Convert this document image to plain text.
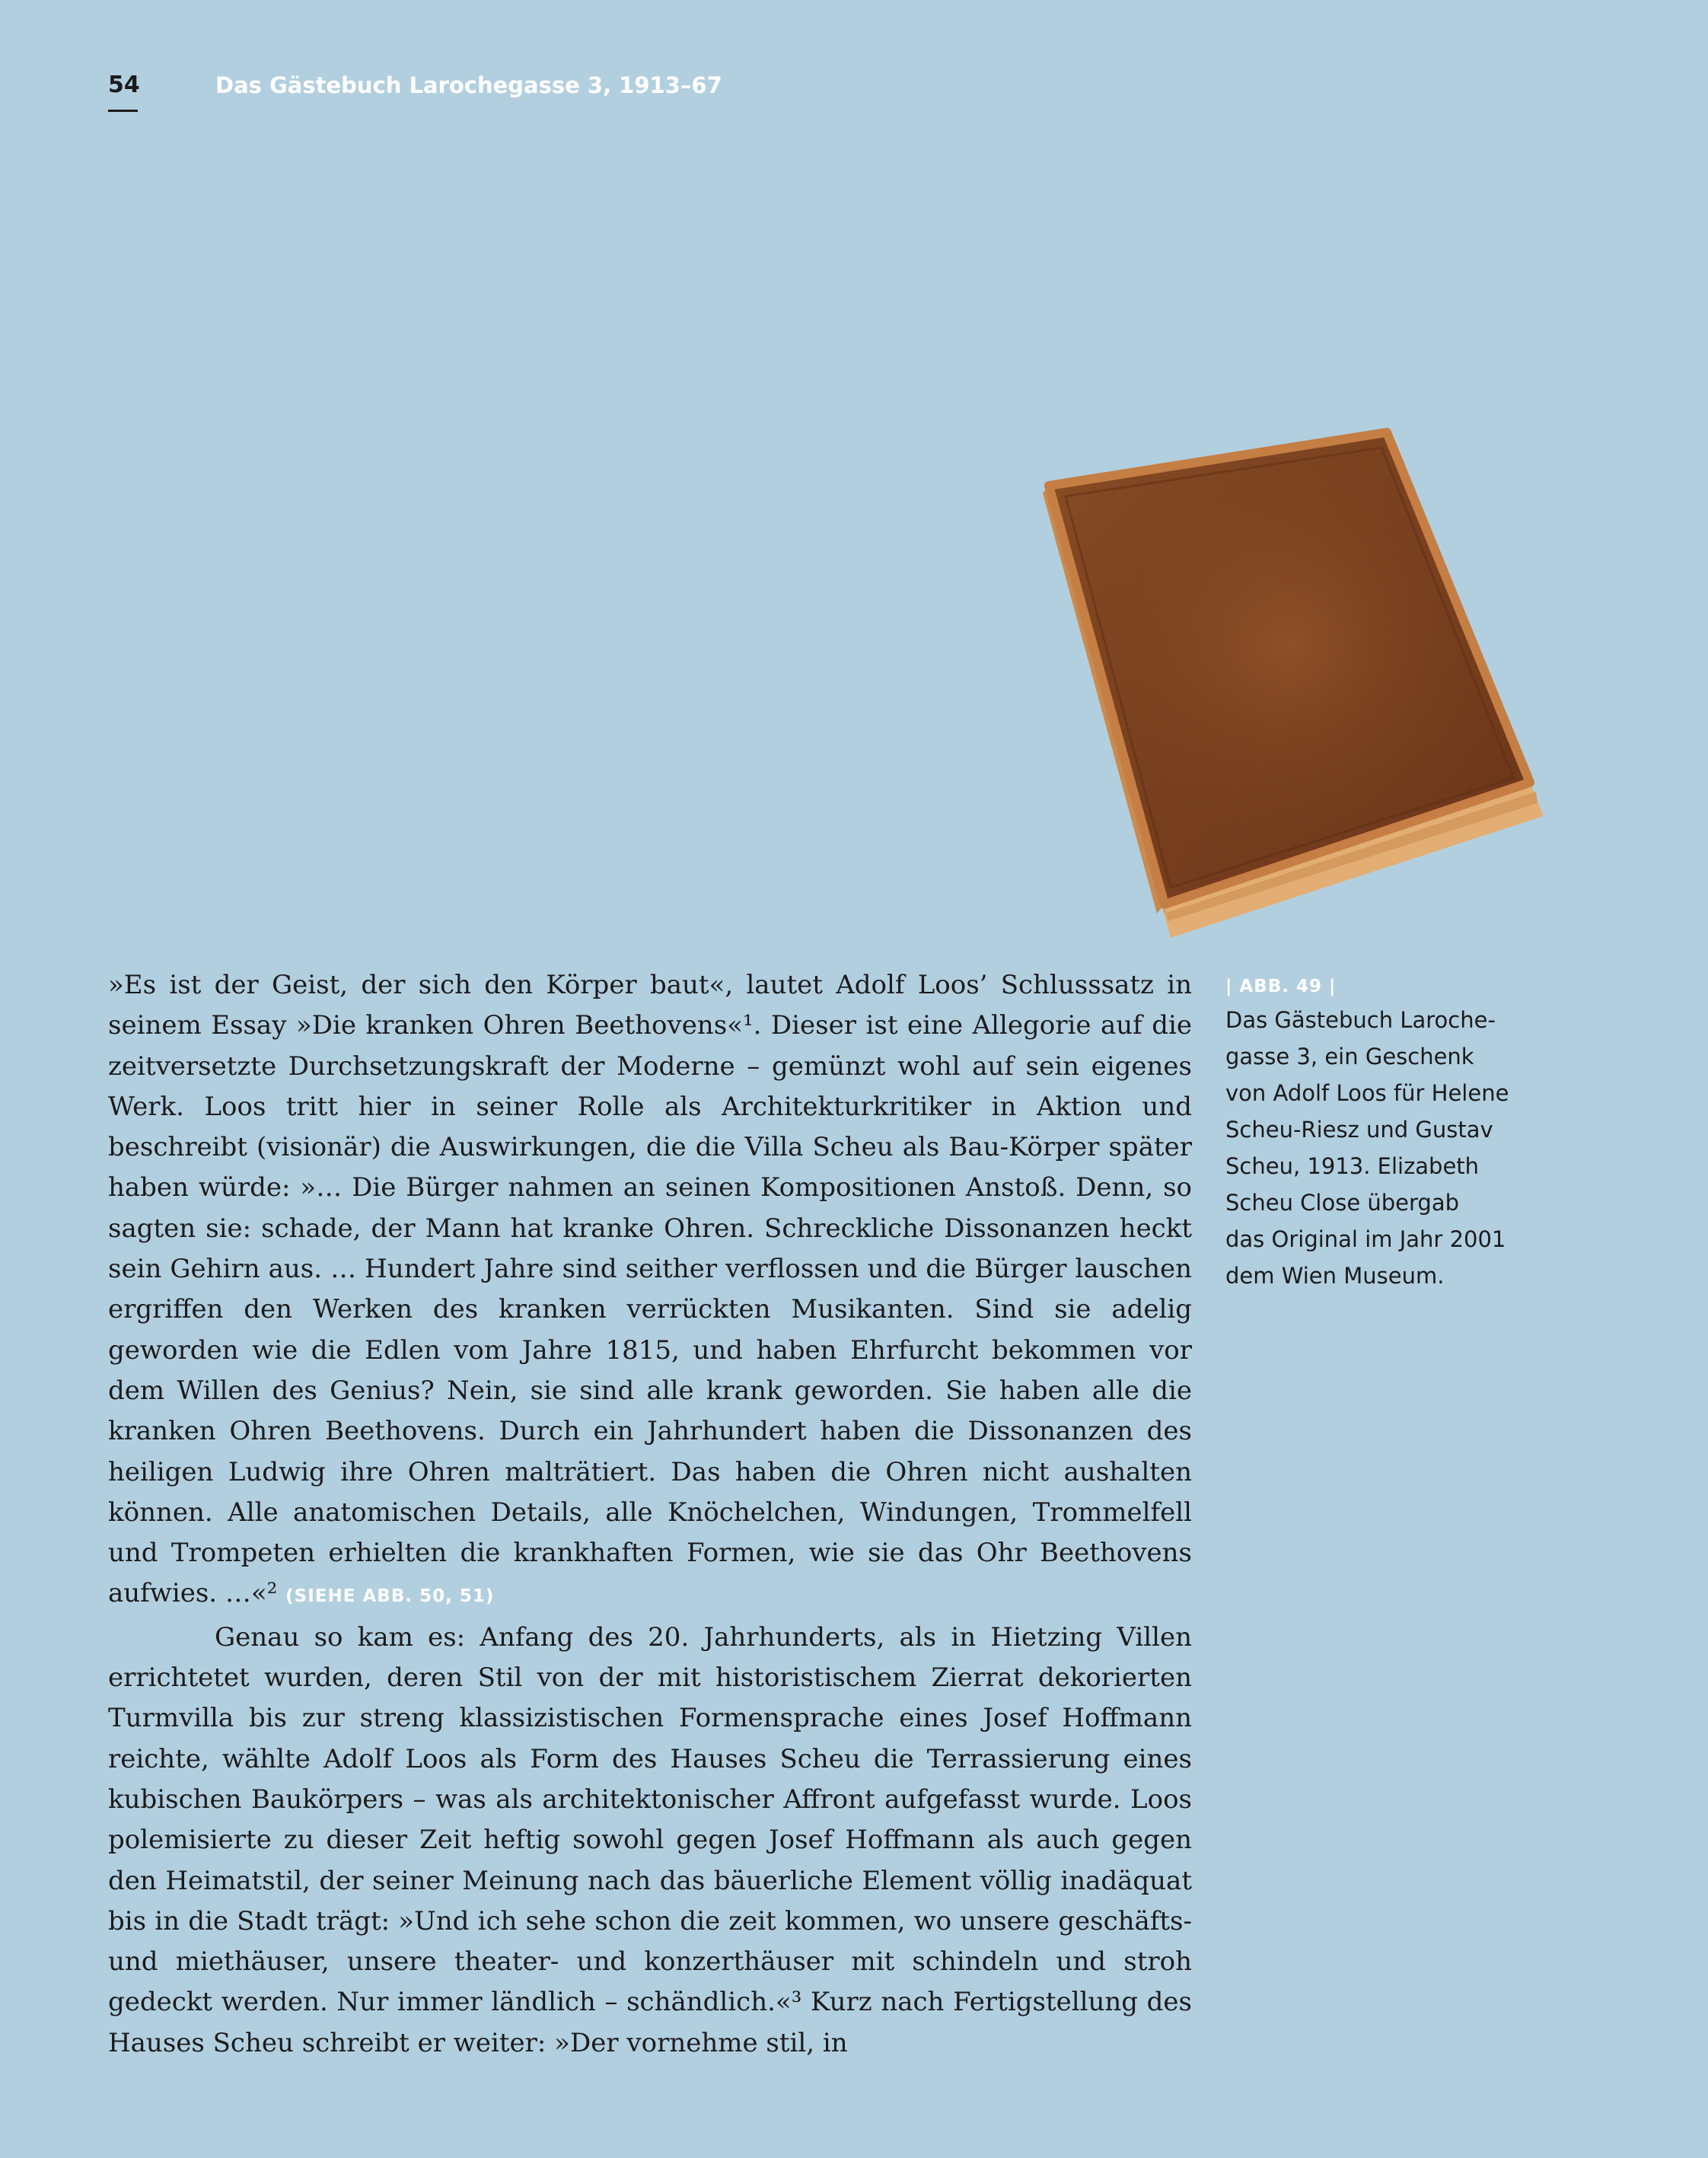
54	Das Gästebuch Larochegasse 3, 1913–67

»Es ist der Geist, der sich den Körper baut«, lautet Adolf Loos’ Schlusssatz in seinem Essay »Die kranken Ohren Beethovens«¹. Dieser ist eine Allegorie auf die zeitversetzte Durchsetzungskraft der Moderne – gemünzt wohl auf sein eigenes Werk. Loos tritt hier in seiner Rolle als Architekturkritiker in Aktion und beschreibt (visionär) die Auswirkungen, die die Villa Scheu als Bau-Körper später haben würde: »… Die Bürger nahmen an seinen Kompositionen Anstoß. Denn, so sagten sie: schade, der Mann hat kranke Ohren. Schreckliche Dissonanzen heckt sein Gehirn aus. … Hundert Jahre sind seither verflossen und die Bürger lauschen ergriffen den Werken des kranken verrückten Musikanten. Sind sie adelig geworden wie die Edlen vom Jahre 1815, und haben Ehrfurcht bekommen vor dem Willen des Genius? Nein, sie sind alle krank geworden. Sie haben alle die kranken Ohren Beethovens. Durch ein Jahrhundert haben die Dissonanzen des heiligen Ludwig ihre Ohren malträtiert. Das haben die Ohren nicht aushalten können. Alle anatomischen Details, alle Knöchelchen, Windungen, Trommelfell und Trompeten erhielten die krankhaften Formen, wie sie das Ohr Beethovens aufwies. …«² (SIEHE ABB. 50, 51)

Genau so kam es: Anfang des 20. Jahrhunderts, als in Hietzing Villen errichtetet wurden, deren Stil von der mit historistischem Zierrat dekorierten Turmvilla bis zur streng klassizistischen Formensprache eines Josef Hoffmann reichte, wählte Adolf Loos als Form des Hauses Scheu die Terrassierung eines kubischen Baukörpers – was als architektonischer Affront aufgefasst wurde. Loos polemisierte zu dieser Zeit heftig sowohl gegen Josef Hoffmann als auch gegen den Heimatstil, der seiner Meinung nach das bäuerliche Element völlig inadäquat bis in die Stadt trägt: »Und ich sehe schon die zeit kommen, wo unsere geschäfts- und miethäuser, unsere theater- und konzerthäuser mit schindeln und stroh gedeckt werden. Nur immer ländlich – schändlich.«³ Kurz nach Fertigstellung des Hauses Scheu schreibt er weiter: »Der vornehme stil, in

| ABB. 49 |
Das Gästebuch Laroche-
gasse 3, ein Geschenk
von Adolf Loos für Helene
Scheu-Riesz und Gustav
Scheu, 1913. Elizabeth
Scheu Close übergab
das Original im Jahr 2001
dem Wien Museum.
